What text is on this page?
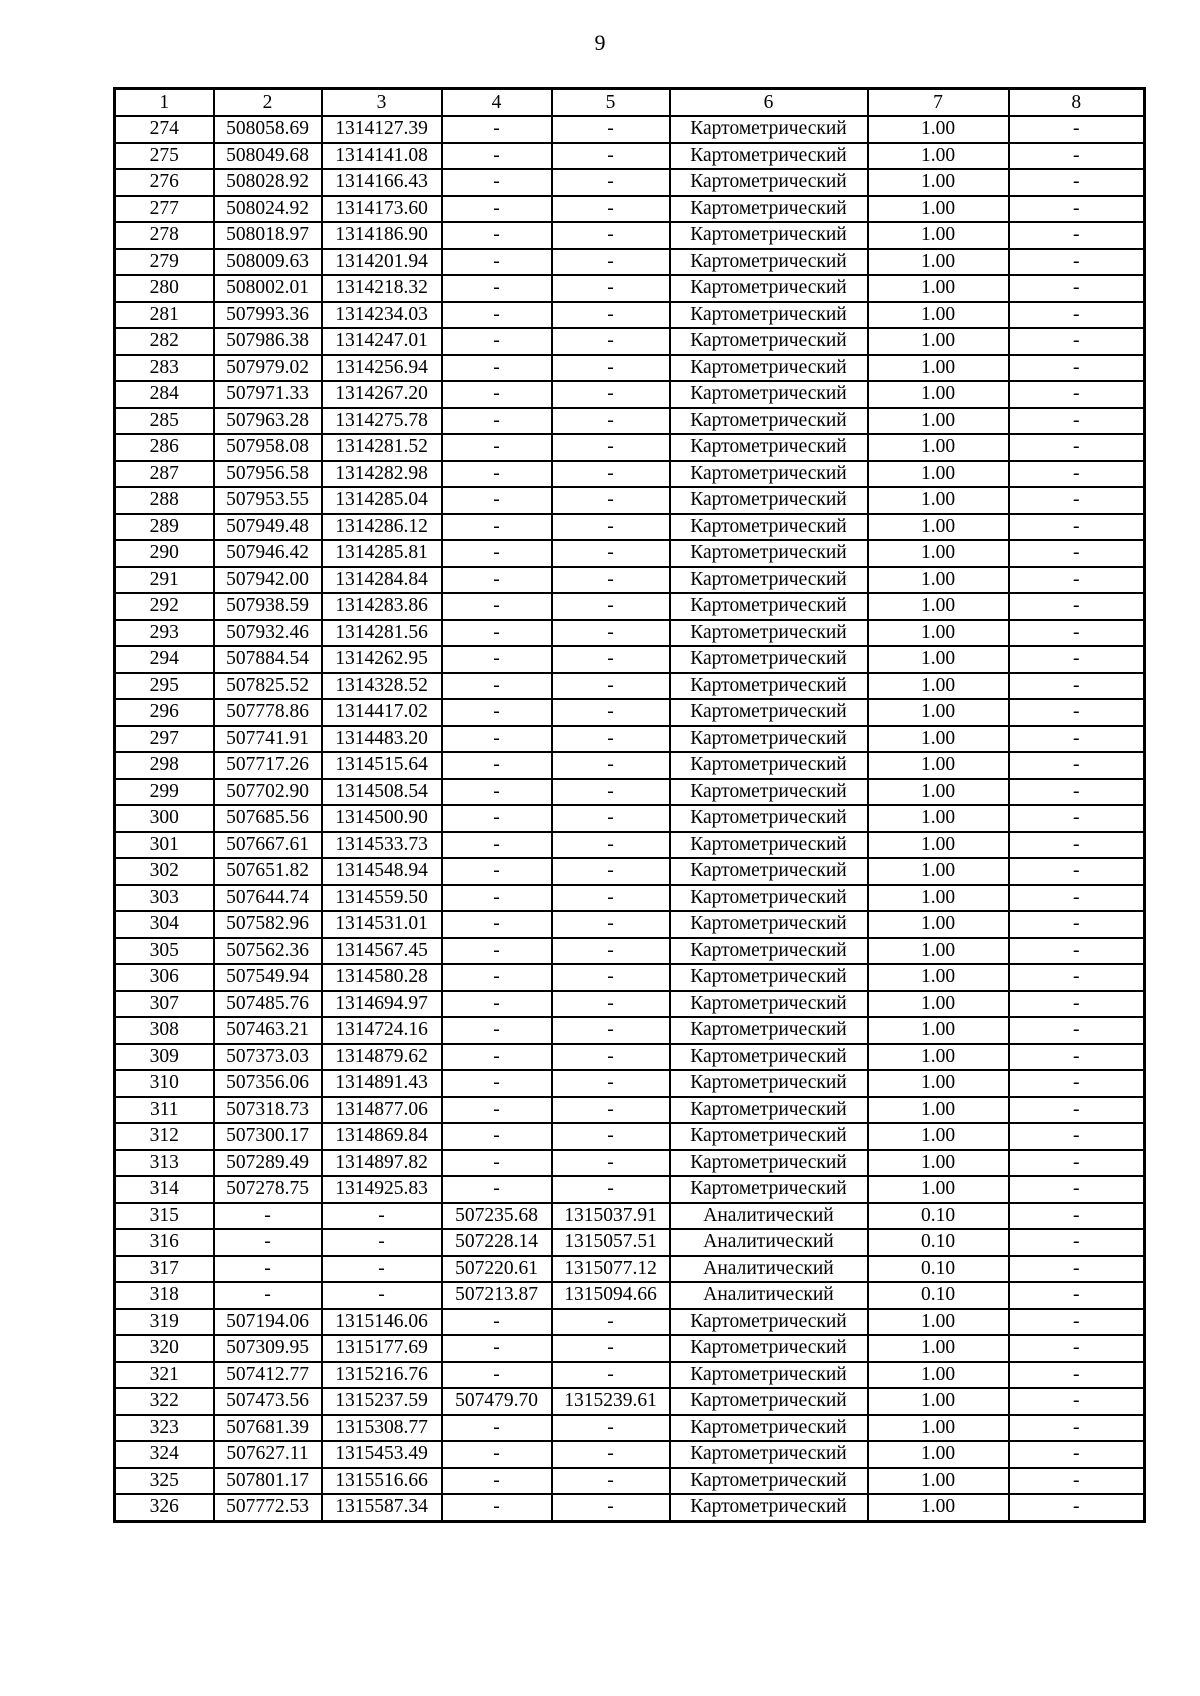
9
1	2	3	4	5	6	7	8
274	508058.69	1314127.39	-	-	Картометрический	1.00	-
275	508049.68	1314141.08	-	-	Картометрический	1.00	-
276	508028.92	1314166.43	-	-	Картометрический	1.00	-
277	508024.92	1314173.60	-	-	Картометрический	1.00	-
278	508018.97	1314186.90	-	-	Картометрический	1.00	-
279	508009.63	1314201.94	-	-	Картометрический	1.00	-
280	508002.01	1314218.32	-	-	Картометрический	1.00	-
281	507993.36	1314234.03	-	-	Картометрический	1.00	-
282	507986.38	1314247.01	-	-	Картометрический	1.00	-
283	507979.02	1314256.94	-	-	Картометрический	1.00	-
284	507971.33	1314267.20	-	-	Картометрический	1.00	-
285	507963.28	1314275.78	-	-	Картометрический	1.00	-
286	507958.08	1314281.52	-	-	Картометрический	1.00	-
287	507956.58	1314282.98	-	-	Картометрический	1.00	-
288	507953.55	1314285.04	-	-	Картометрический	1.00	-
289	507949.48	1314286.12	-	-	Картометрический	1.00	-
290	507946.42	1314285.81	-	-	Картометрический	1.00	-
291	507942.00	1314284.84	-	-	Картометрический	1.00	-
292	507938.59	1314283.86	-	-	Картометрический	1.00	-
293	507932.46	1314281.56	-	-	Картометрический	1.00	-
294	507884.54	1314262.95	-	-	Картометрический	1.00	-
295	507825.52	1314328.52	-	-	Картометрический	1.00	-
296	507778.86	1314417.02	-	-	Картометрический	1.00	-
297	507741.91	1314483.20	-	-	Картометрический	1.00	-
298	507717.26	1314515.64	-	-	Картометрический	1.00	-
299	507702.90	1314508.54	-	-	Картометрический	1.00	-
300	507685.56	1314500.90	-	-	Картометрический	1.00	-
301	507667.61	1314533.73	-	-	Картометрический	1.00	-
302	507651.82	1314548.94	-	-	Картометрический	1.00	-
303	507644.74	1314559.50	-	-	Картометрический	1.00	-
304	507582.96	1314531.01	-	-	Картометрический	1.00	-
305	507562.36	1314567.45	-	-	Картометрический	1.00	-
306	507549.94	1314580.28	-	-	Картометрический	1.00	-
307	507485.76	1314694.97	-	-	Картометрический	1.00	-
308	507463.21	1314724.16	-	-	Картометрический	1.00	-
309	507373.03	1314879.62	-	-	Картометрический	1.00	-
310	507356.06	1314891.43	-	-	Картометрический	1.00	-
311	507318.73	1314877.06	-	-	Картометрический	1.00	-
312	507300.17	1314869.84	-	-	Картометрический	1.00	-
313	507289.49	1314897.82	-	-	Картометрический	1.00	-
314	507278.75	1314925.83	-	-	Картометрический	1.00	-
315	-	-	507235.68	1315037.91	Аналитический	0.10	-
316	-	-	507228.14	1315057.51	Аналитический	0.10	-
317	-	-	507220.61	1315077.12	Аналитический	0.10	-
318	-	-	507213.87	1315094.66	Аналитический	0.10	-
319	507194.06	1315146.06	-	-	Картометрический	1.00	-
320	507309.95	1315177.69	-	-	Картометрический	1.00	-
321	507412.77	1315216.76	-	-	Картометрический	1.00	-
322	507473.56	1315237.59	507479.70	1315239.61	Картометрический	1.00	-
323	507681.39	1315308.77	-	-	Картометрический	1.00	-
324	507627.11	1315453.49	-	-	Картометрический	1.00	-
325	507801.17	1315516.66	-	-	Картометрический	1.00	-
326	507772.53	1315587.34	-	-	Картометрический	1.00	-
